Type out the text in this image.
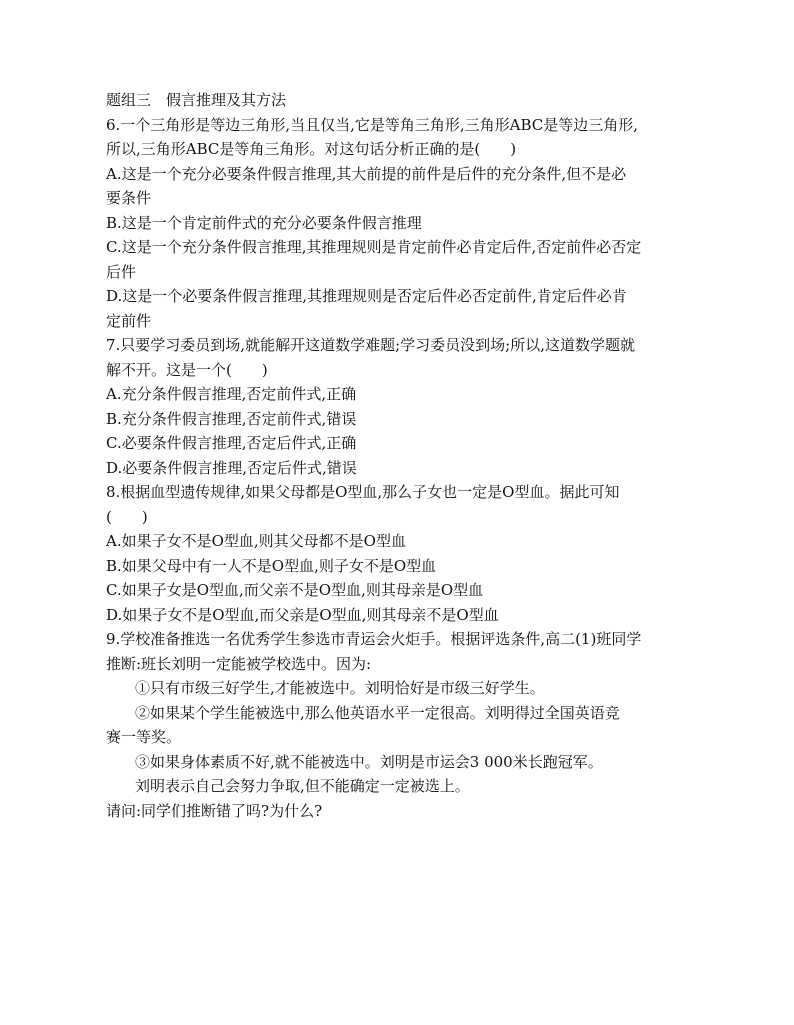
题组三　假言推理及其方法
6.一个三角形是等边三角形,当且仅当,它是等角三角形,三角形ABC是等边三角形,
所以,三角形ABC是等角三角形。对这句话分析正确的是(　　)
A.这是一个充分必要条件假言推理,其大前提的前件是后件的充分条件,但不是必
要条件
B.这是一个肯定前件式的充分必要条件假言推理
C.这是一个充分条件假言推理,其推理规则是肯定前件必肯定后件,否定前件必否定
后件
D.这是一个必要条件假言推理,其推理规则是否定后件必否定前件,肯定后件必肯
定前件
7.只要学习委员到场,就能解开这道数学难题;学习委员没到场;所以,这道数学题就
解不开。这是一个(　　)
A.充分条件假言推理,否定前件式,正确
B.充分条件假言推理,否定前件式,错误
C.必要条件假言推理,否定后件式,正确
D.必要条件假言推理,否定后件式,错误
8.根据血型遗传规律,如果父母都是O型血,那么子女也一定是O型血。据此可知
(　　)
A.如果子女不是O型血,则其父母都不是O型血
B.如果父母中有一人不是O型血,则子女不是O型血
C.如果子女是O型血,而父亲不是O型血,则其母亲是O型血
D.如果子女不是O型血,而父亲是O型血,则其母亲不是O型血
9.学校准备推选一名优秀学生参选市青运会火炬手。根据评选条件,高二(1)班同学
推断:班长刘明一定能被学校选中。因为:
①只有市级三好学生,才能被选中。刘明恰好是市级三好学生。
②如果某个学生能被选中,那么他英语水平一定很高。刘明得过全国英语竞
赛一等奖。
③如果身体素质不好,就不能被选中。刘明是市运会3 000米长跑冠军。
刘明表示自己会努力争取,但不能确定一定被选上。
请问:同学们推断错了吗?为什么?
